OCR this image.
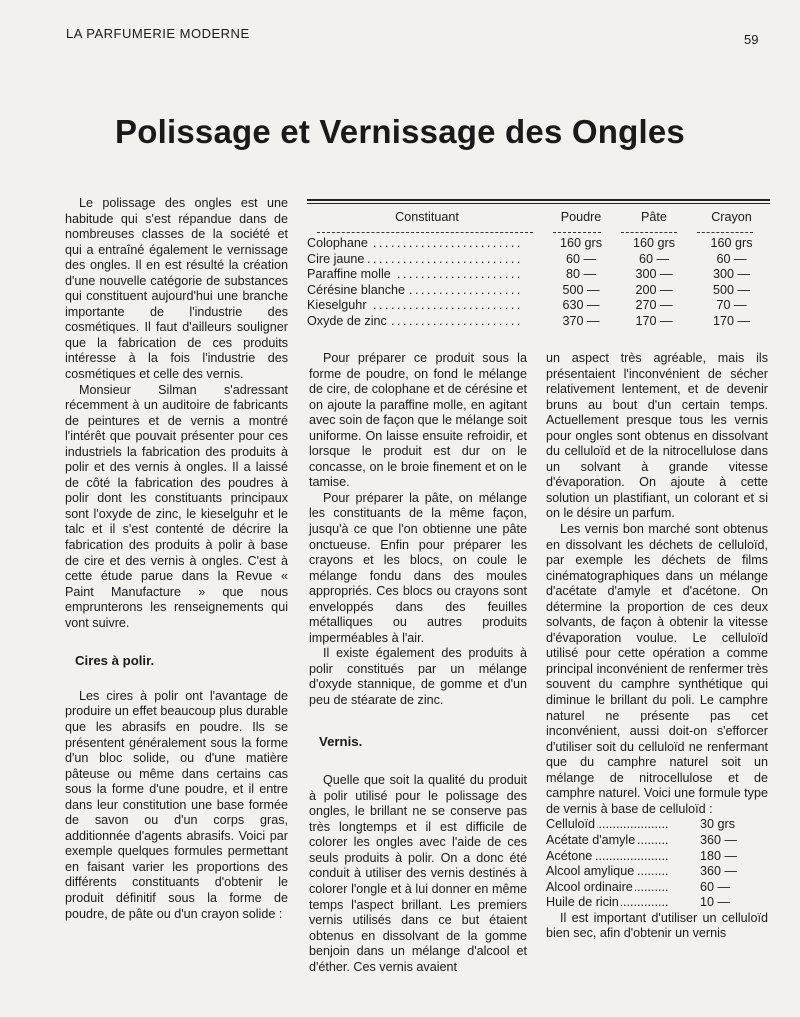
LA PARFUMERIE MODERNE	59
Polissage et Vernissage des Ongles

Le polissage des ongles est une habitude qui s'est répandue dans de nombreuses classes de la société et qui a entraîné également le vernissage des ongles. Il en est résulté la création d'une nouvelle catégorie de substances qui constituent aujourd'hui une branche importante de l'industrie des cosmétiques. Il faut d'ailleurs souligner que la fabrication de ces produits intéresse à la fois l'industrie des cosmétiques et celle des vernis.

Monsieur Silman s'adressant récemment à un auditoire de fabricants de peintures et de vernis a montré l'intérêt que pouvait présenter pour ces industriels la fabrication des produits à polir et des vernis à ongles. Il a laissé de côté la fabrication des poudres à polir dont les constituants principaux sont l'oxyde de zinc, le kieselguhr et le talc et il s'est contenté de décrire la fabrication des produits à polir à base de cire et des vernis à ongles. C'est à cette étude parue dans la Revue « Paint Manufacture » que nous emprunterons les renseignements qui vont suivre.

Cires à polir.

Les cires à polir ont l'avantage de produire un effet beaucoup plus durable que les abrasifs en poudre. Ils se présentent généralement sous la forme d'un bloc solide, ou d'une matière pâteuse ou même dans certains cas sous la forme d'une poudre, et il entre dans leur constitution une base formée de savon ou d'un corps gras, additionnée d'agents abrasifs. Voici par exemple quelques formules permettant en faisant varier les proportions des différents constituants d'obtenir le produit définitif sous la forme de poudre, de pâte ou d'un crayon solide :

Constituant	Poudre	Pâte	Crayon
Colophane . . .	160 grs	160 grs	160 grs
Cire jaune . . .	60 —	60 —	60 —
Paraffine molle . . .	80 —	300 —	300 —
Cérésine blanche . . .	500 —	200 —	500 —
Kieselguhr . . .	630 —	270 —	70 —
Oxyde de zinc . . .	370 —	170 —	170 —

Pour préparer ce produit sous la forme de poudre, on fond le mélange de cire, de colophane et de cérésine et on ajoute la paraffine molle, en agitant avec soin de façon que le mélange soit uniforme. On laisse ensuite refroidir, et lorsque le produit est dur on le concasse, on le broie finement et on le tamise.

Pour préparer la pâte, on mélange les constituants de la même façon, jusqu'à ce que l'on obtienne une pâte onctueuse. Enfin pour préparer les crayons et les blocs, on coule le mélange fondu dans des moules appropriés. Ces blocs ou crayons sont enveloppés dans des feuilles métalliques ou autres produits imperméables à l'air.

Il existe également des produits à polir constitués par un mélange d'oxyde stannique, de gomme et d'un peu de stéarate de zinc.

Vernis.

Quelle que soit la qualité du produit à polir utilisé pour le polissage des ongles, le brillant ne se conserve pas très longtemps et il est difficile de colorer les ongles avec l'aide de ces seuls produits à polir. On a donc été conduit à utiliser des vernis destinés à colorer l'ongle et à lui donner en même temps l'aspect brillant. Les premiers vernis utilisés dans ce but étaient obtenus en dissolvant de la gomme benjoin dans un mélange d'alcool et d'éther. Ces vernis avaient

un aspect très agréable, mais ils présentaient l'inconvénient de sécher relativement lentement, et de devenir bruns au bout d'un certain temps. Actuellement presque tous les vernis pour ongles sont obtenus en dissolvant du celluloïd et de la nitrocellulose dans un solvant à grande vitesse d'évaporation. On ajoute à cette solution un plastifiant, un colorant et si on le désire un parfum.

Les vernis bon marché sont obtenus en dissolvant les déchets de celluloïd, par exemple les déchets de films cinématographiques dans un mélange d'acétate d'amyle et d'acétone. On détermine la proportion de ces deux solvants, de façon à obtenir la vitesse d'évaporation voulue. Le celluloïd utilisé pour cette opération a comme principal inconvénient de renfermer très souvent du camphre synthétique qui diminue le brillant du poli. Le camphre naturel ne présente pas cet inconvénient, aussi doit-on s'efforcer d'utiliser soit du celluloïd ne renfermant que du camphre naturel soit un mélange de nitrocellulose et de camphre naturel. Voici une formule type de vernis à base de celluloïd :

Celluloïd .....	30 grs
Acétate d'amyle .....	360 —
Acétone .....	180 —
Alcool amylique .....	360 —
Alcool ordinaire .....	60 —
Huile de ricin .....	10 —

Il est important d'utiliser un celluloïd bien sec, afin d'obtenir un vernis
